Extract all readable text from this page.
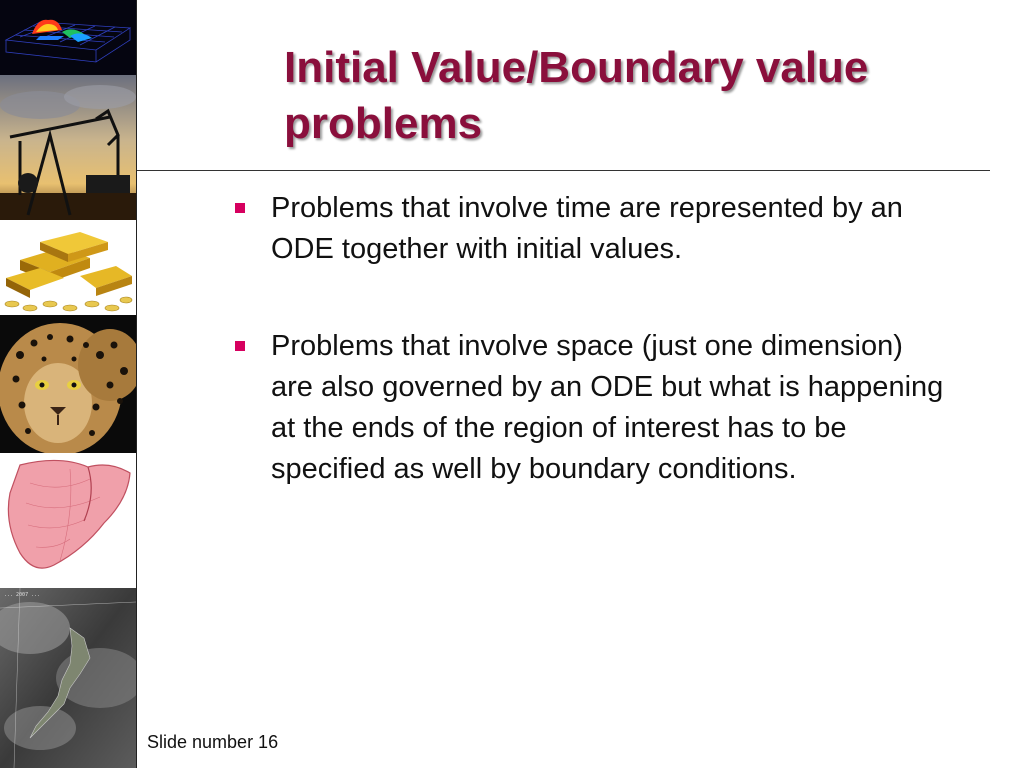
... 2007 ...
Initial Value/Boundary value problems
Problems that involve time are represented by an ODE together with initial values.
Problems that involve space (just one dimension) are also governed by an ODE but what is happening at the ends of the region of interest has to be specified as well by boundary conditions.
Slide number 16
